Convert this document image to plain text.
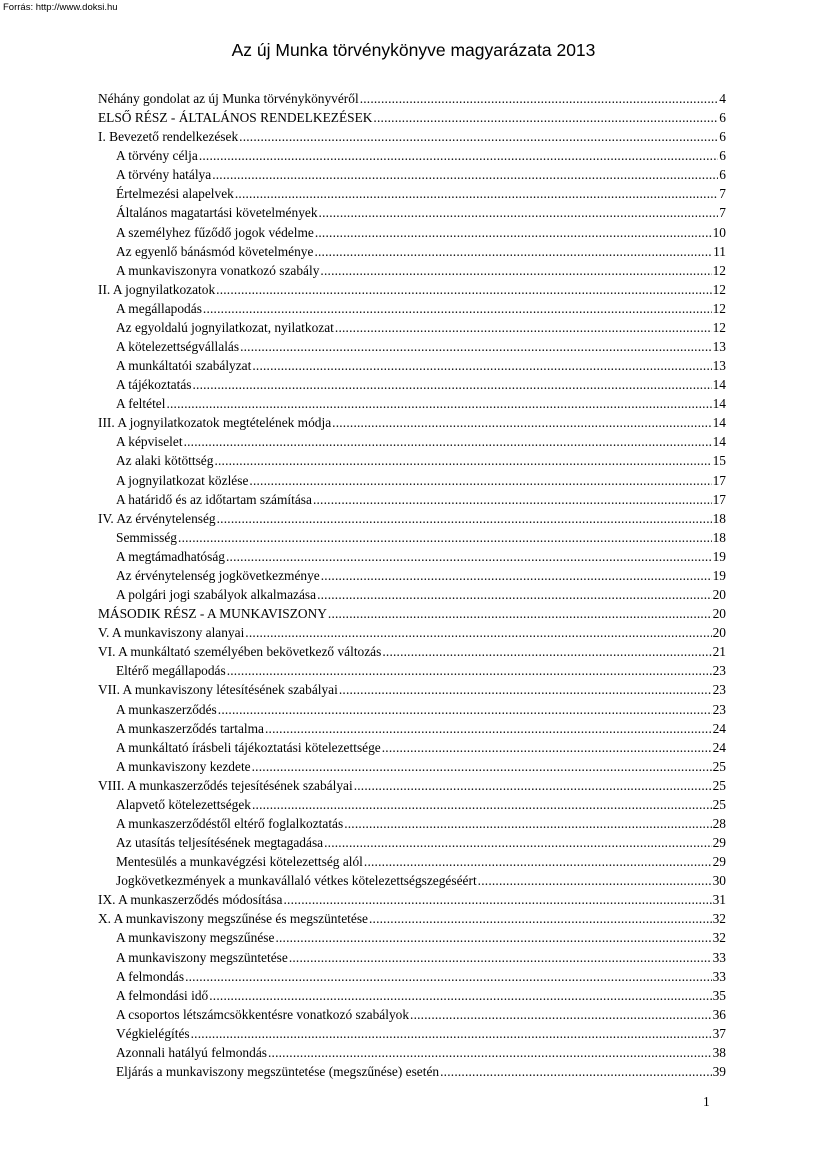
Forrás: http://www.doksi.hu
Az új Munka törvénykönyve magyarázata 2013
Néhány gondolat az új Munka törvénykönyvéről .....	4
ELSŐ RÉSZ - ÁLTALÁNOS RENDELKEZÉSEK .....	6
I. Bevezető rendelkezések .....	6
A törvény célja .....	6
A törvény hatálya .....	6
Értelmezési alapelvek .....	7
Általános magatartási követelmények .....	7
A személyhez fűződő jogok védelme .....	10
Az egyenlő bánásmód követelménye .....	11
A munkaviszonyra vonatkozó szabály .....	12
II. A jognyilatkozatok .....	12
A megállapodás .....	12
Az egyoldalú jognyilatkozat, nyilatkozat .....	12
A kötelezettségvállalás .....	13
A munkáltatói szabályzat .....	13
A tájékoztatás .....	14
A feltétel .....	14
III. A jognyilatkozatok megtételének módja .....	14
A képviselet .....	14
Az alaki kötöttség .....	15
A jognyilatkozat közlése .....	17
A határidő és az időtartam számítása .....	17
IV. Az érvénytelenség .....	18
Semmisség .....	18
A megtámadhatóság .....	19
Az érvénytelenség jogkövetkezménye .....	19
A polgári jogi szabályok alkalmazása .....	20
MÁSODIK RÉSZ - A MUNKAVISZONY .....	20
V. A munkaviszony alanyai .....	20
VI. A munkáltató személyében bekövetkező változás .....	21
Eltérő megállapodás .....	23
VII. A munkaviszony létesítésének szabályai .....	23
A munkaszerződés .....	23
A munkaszerződés tartalma .....	24
A munkáltató írásbeli tájékoztatási kötelezettsége .....	24
A munkaviszony kezdete .....	25
VIII. A munkaszerződés tejesítésének szabályai .....	25
Alapvető kötelezettségek .....	25
A munkaszerződéstől eltérő foglalkoztatás .....	28
Az utasítás teljesítésének megtagadása .....	29
Mentesülés a munkavégzési kötelezettség alól .....	29
Jogkövetkezmények a munkavállaló vétkes kötelezettségszegéséért .....	30
IX. A munkaszerződés módosítása .....	31
X. A munkaviszony megszűnése és megszüntetése .....	32
A munkaviszony megszűnése .....	32
A munkaviszony megszüntetése .....	33
A felmondás .....	33
A felmondási idő .....	35
A csoportos létszámcsökkentésre vonatkozó szabályok .....	36
Végkielégítés .....	37
Azonnali hatályú felmondás .....	38
Eljárás a munkaviszony megszüntetése (megszűnése) esetén .....	39
1
